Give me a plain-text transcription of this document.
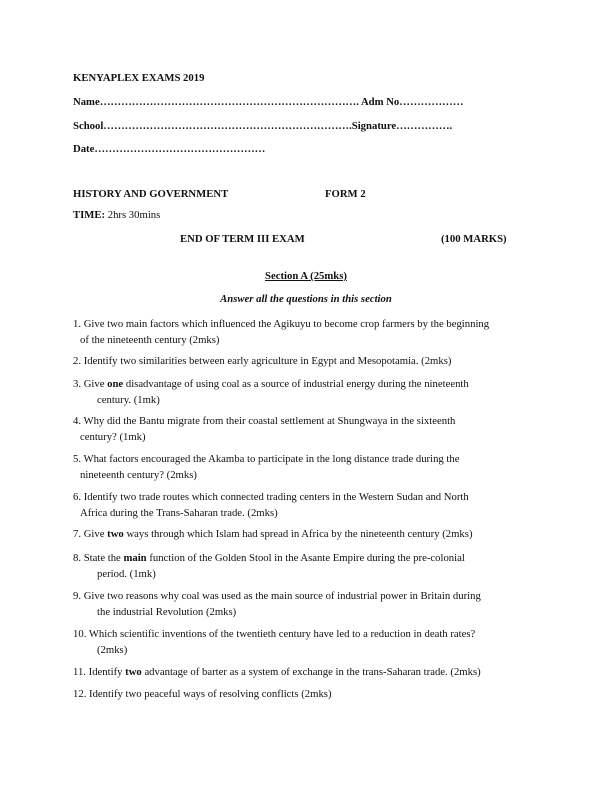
KENYAPLEX EXAMS 2019
Name………………………………………………………………. Adm No………………
School…………………………………………………………….Signature…………….
Date…………………………………………
HISTORY AND GOVERNMENT	FORM 2
TIME: 2hrs 30mins
END OF TERM III EXAM	(100 MARKS)
Section A (25mks)
Answer all the questions in this section
1. Give two main factors which influenced the Agikuyu to become crop farmers by the beginning
of the nineteenth century (2mks)
2. Identify two similarities between early agriculture in Egypt and Mesopotamia. (2mks)
3. Give one disadvantage of using coal as a source of industrial energy during the nineteenth
century. (1mk)
4. Why did the Bantu migrate from their coastal settlement at Shungwaya in the sixteenth
century? (1mk)
5. What factors encouraged the Akamba to participate in the long distance trade during the
nineteenth century? (2mks)
6. Identify two trade routes which connected trading centers in the Western Sudan and North
Africa during the Trans-Saharan trade. (2mks)
7. Give two ways through which Islam had spread in Africa by the nineteenth century (2mks)
8. State the main function of the Golden Stool in the Asante Empire during the pre-colonial
period. (1mk)
9. Give two reasons why coal was used as the main source of industrial power in Britain during
the industrial Revolution (2mks)
10. Which scientific inventions of the twentieth century have led to a reduction in death rates?
(2mks)
11. Identify two advantage of barter as a system of exchange in the trans-Saharan trade. (2mks)
12. Identify two peaceful ways of resolving conflicts (2mks)
